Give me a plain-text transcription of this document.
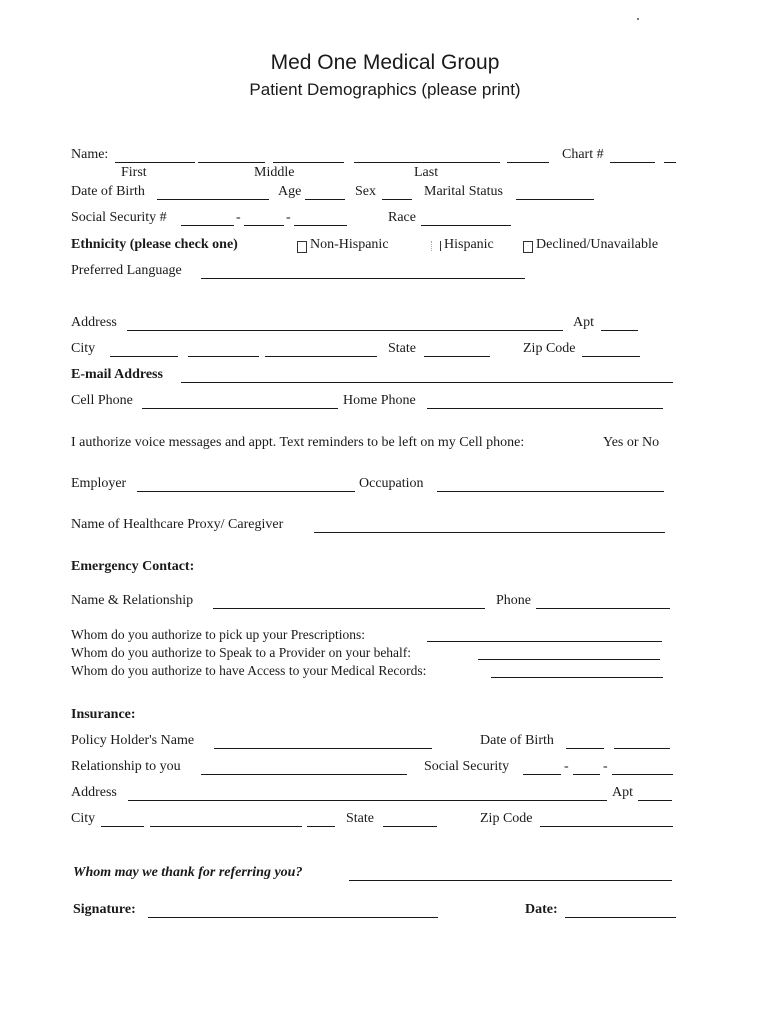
Med One Medical Group
Patient Demographics (please print)
Name:	Chart #
First	Middle	Last
Date of Birth	Age	Sex	Marital Status
Social Security #	-	-	Race
Ethnicity (please check one)	Non-Hispanic	Hispanic	Declined/Unavailable
Preferred Language
Address	Apt
City	State	Zip Code
E-mail Address
Cell Phone	Home Phone
I authorize voice messages and appt. Text reminders to be left on my Cell phone:	Yes or No
Employer	Occupation
Name of Healthcare Proxy/ Caregiver
Emergency Contact:
Name & Relationship	Phone
Whom do you authorize to pick up your Prescriptions:
Whom do you authorize to Speak to a Provider on your behalf:
Whom do you authorize to have Access to your Medical Records:
Insurance:
Policy Holder's Name	Date of Birth
Relationship to you	Social Security	- -
Address	Apt
City	State	Zip Code
Whom may we thank for referring you?
Signature:	Date:
